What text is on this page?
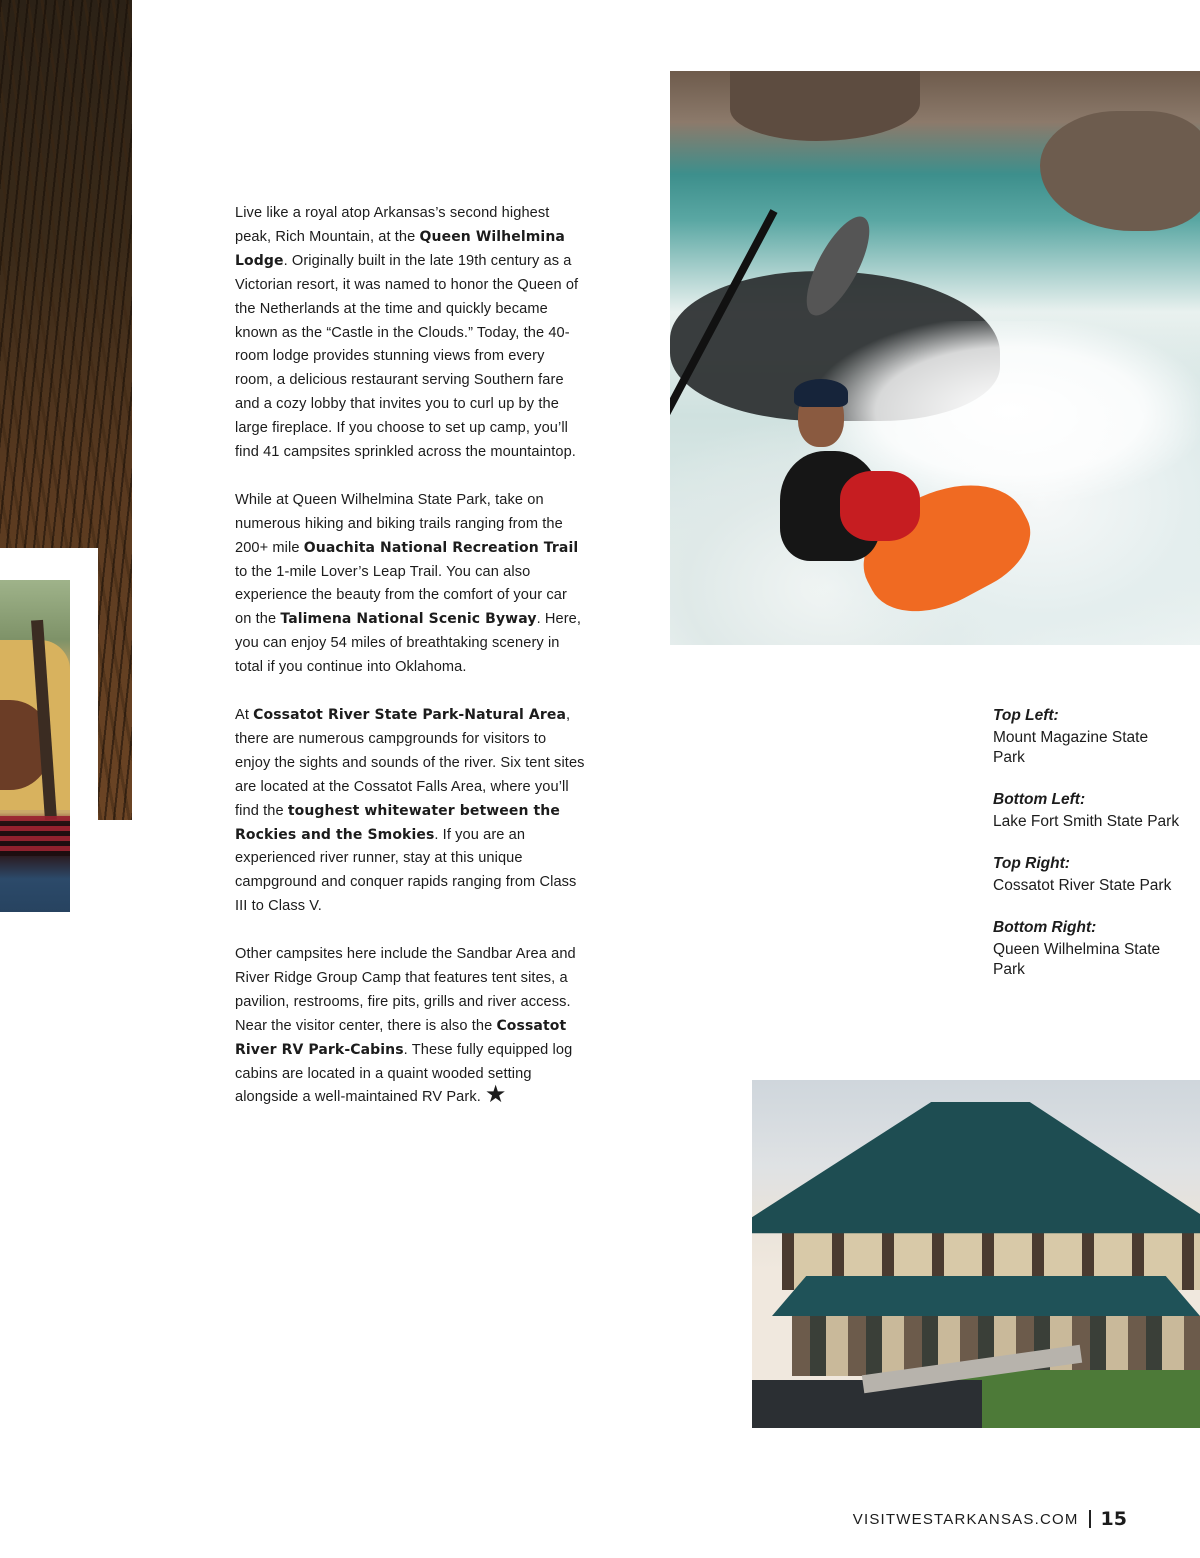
Live like a royal atop Arkansas’s second highest peak, Rich Mountain, at the Queen Wilhelmina Lodge. Originally built in the late 19th century as a Victorian resort, it was named to honor the Queen of the Netherlands at the time and quickly became known as the “Castle in the Clouds.” Today, the 40-room lodge provides stunning views from every room, a delicious restaurant serving Southern fare and a cozy lobby that invites you to curl up by the large fireplace. If you choose to set up camp, you’ll find 41 campsites sprinkled across the mountaintop.

While at Queen Wilhelmina State Park, take on numerous hiking and biking trails ranging from the 200+ mile Ouachita National Recreation Trail to the 1-mile Lover’s Leap Trail. You can also experience the beauty from the comfort of your car on the Talimena National Scenic Byway. Here, you can enjoy 54 miles of breathtaking scenery in total if you continue into Oklahoma.

At Cossatot River State Park-Natural Area, there are numerous campgrounds for visitors to enjoy the sights and sounds of the river. Six tent sites are located at the Cossatot Falls Area, where you’ll find the toughest whitewater between the Rockies and the Smokies. If you are an experienced river runner, stay at this unique campground and conquer rapids ranging from Class III to Class V.

Other campsites here include the Sandbar Area and River Ridge Group Camp that features tent sites, a pavilion, restrooms, fire pits, grills and river access. Near the visitor center, there is also the Cossatot River RV Park-Cabins. These fully equipped log cabins are located in a quaint wooded setting alongside a well-maintained RV Park. ★

Top Left:
Mount Magazine State Park
Bottom Left:
Lake Fort Smith State Park
Top Right:
Cossatot River State Park
Bottom Right:
Queen Wilhelmina State Park
VISITWESTARKANSAS.COM 15
